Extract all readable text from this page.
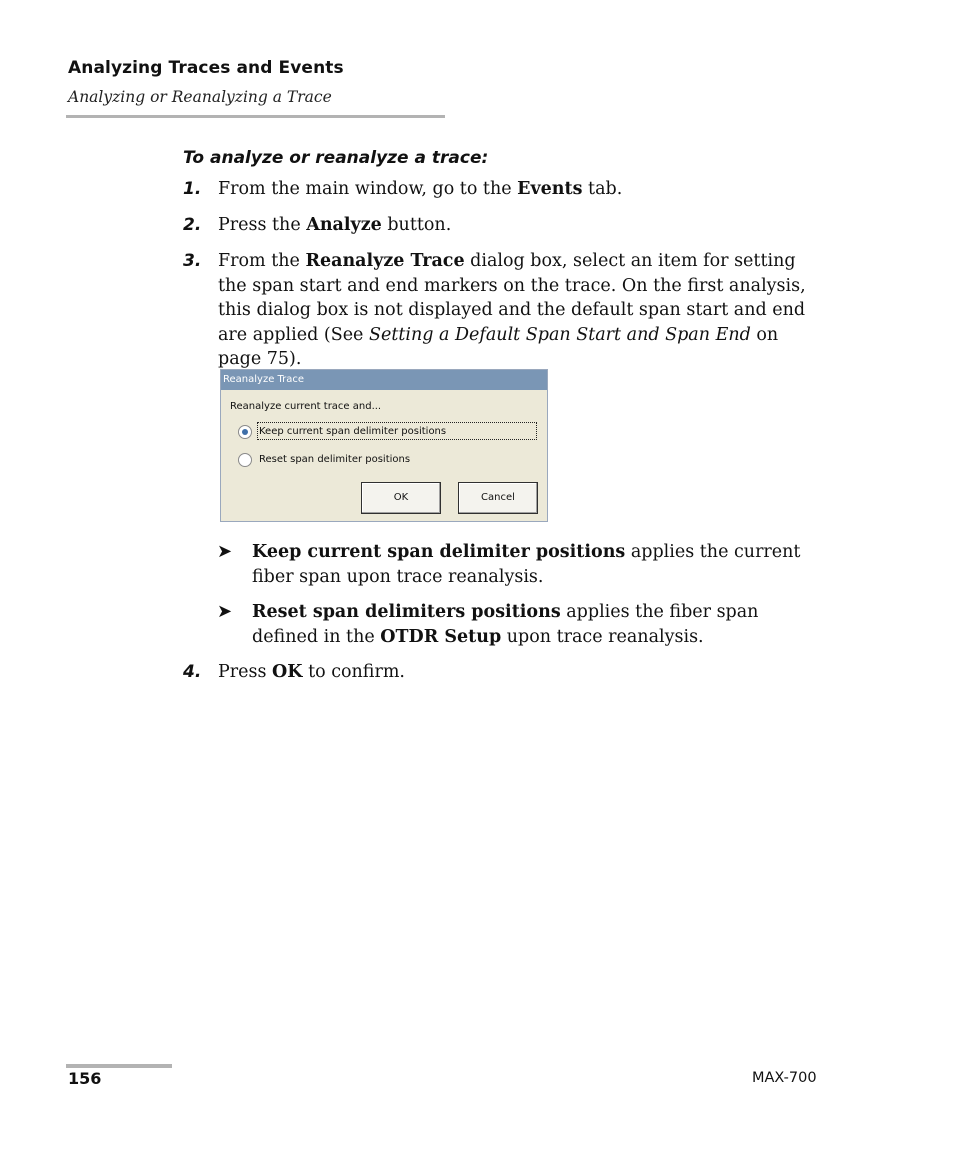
Analyzing Traces and Events
Analyzing or Reanalyzing a Trace
To analyze or reanalyze a trace:
1. From the main window, go to the Events tab.
2. Press the Analyze button.
3. From the Reanalyze Trace dialog box, select an item for setting the span start and end markers on the trace. On the first analysis, this dialog box is not displayed and the default span start and end are applied (See Setting a Default Span Start and Span End on page 75).
Reanalyze Trace
Reanalyze current trace and...
Keep current span delimiter positions
Reset span delimiter positions
OK	Cancel
➤ Keep current span delimiter positions applies the current fiber span upon trace reanalysis.
➤ Reset span delimiters positions applies the fiber span defined in the OTDR Setup upon trace reanalysis.
4. Press OK to confirm.
156	MAX-700
